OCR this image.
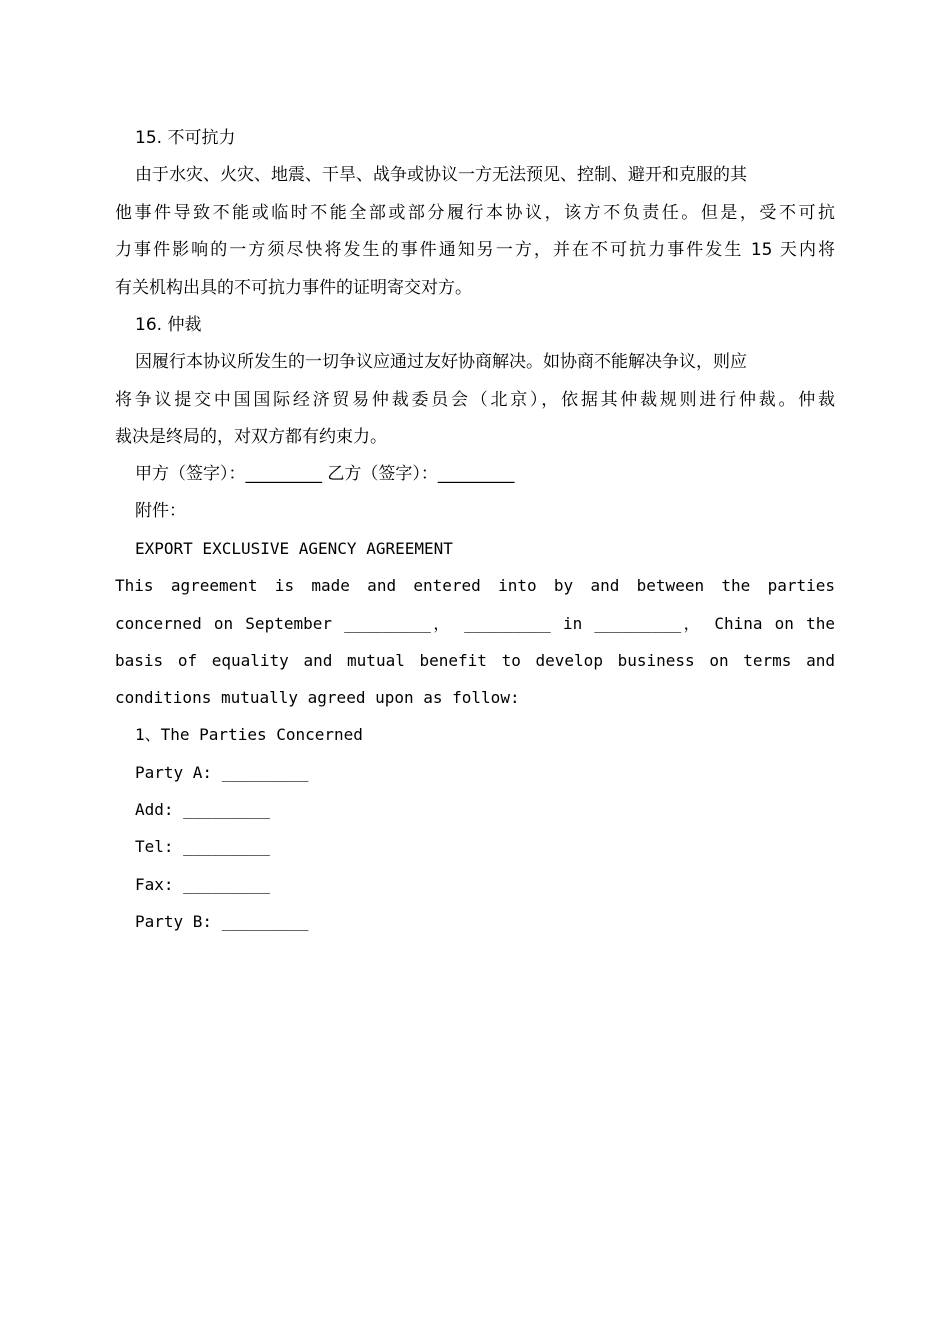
15. 不可抗力
由于水灾、火灾、地震、干旱、战争或协议一方无法预见、控制、避开和克服的其
他事件导致不能或临时不能全部或部分履行本协议，该方不负责任。但是，受不可抗
力事件影响的一方须尽快将发生的事件通知另一方，并在不可抗力事件发生 15 天内将
有关机构出具的不可抗力事件的证明寄交对方。
16. 仲裁
因履行本协议所发生的一切争议应通过友好协商解决。如协商不能解决争议，则应
将争议提交中国国际经济贸易仲裁委员会（北京），依据其仲裁规则进行仲裁。仲裁
裁决是终局的，对双方都有约束力。
甲方（签字）：_________ 乙方（签字）：_________
附件：
EXPORT EXCLUSIVE AGENCY AGREEMENT
This agreement is made and entered into by and between the parties
concerned on September _________， _________ in _________， China on the
basis of equality and mutual benefit to develop business on terms and
conditions mutually agreed upon as follow:
1、The Parties Concerned
Party A: _________
Add: _________
Tel: _________
Fax: _________
Party B: _________
